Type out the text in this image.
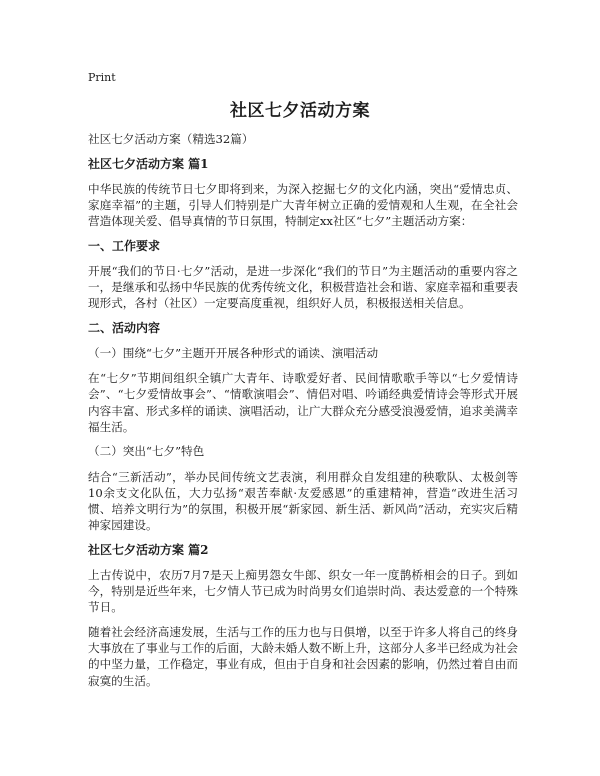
Print
社区七夕活动方案

社区七夕活动方案（精选32篇）

社区七夕活动方案 篇1

中华民族的传统节日七夕即将到来，为深入挖掘七夕的文化内涵，突出“爱情忠贞、家庭幸福”的主题，引导人们特别是广大青年树立正确的爱情观和人生观，在全社会营造体现关爱、倡导真情的节日氛围，特制定xx社区“七夕”主题活动方案：

一、工作要求

开展“我们的节日·七夕”活动，是进一步深化“我们的节日”为主题活动的重要内容之一，是继承和弘扬中华民族的优秀传统文化，积极营造社会和谐、家庭幸福和重要表现形式，各村（社区）一定要高度重视，组织好人员，积极报送相关信息。

二、活动内容

（一）围绕“七夕”主题开开展各种形式的诵读、演唱活动

在“七夕”节期间组织全镇广大青年、诗歌爱好者、民间情歌歌手等以“七夕爱情诗会”、“七夕爱情故事会”、“情歌演唱会”、情侣对唱、吟诵经典爱情诗会等形式开展内容丰富、形式多样的诵读、演唱活动，让广大群众充分感受浪漫爱情，追求美满幸福生活。

（二）突出“七夕”特色

结合“三新活动”，举办民间传统文艺表演，利用群众自发组建的秧歌队、太极剑等10余支文化队伍，大力弘扬“艰苦奉献·友爱感恩”的重建精神，营造“改进生活习惯、培养文明行为”的氛围，积极开展“新家园、新生活、新风尚”活动，充实灾后精神家园建设。

社区七夕活动方案 篇2

上古传说中，农历7月7是天上痴男怨女牛郎、织女一年一度鹊桥相会的日子。到如今，特别是近些年来，七夕情人节已成为时尚男女们追崇时尚、表达爱意的一个特殊节日。

随着社会经济高速发展，生活与工作的压力也与日俱增，以至于许多人将自己的终身大事放在了事业与工作的后面，大龄未婚人数不断上升，这部分人多半已经成为社会的中坚力量，工作稳定，事业有成，但由于自身和社会因素的影响，仍然过着自由而寂寞的生活。
